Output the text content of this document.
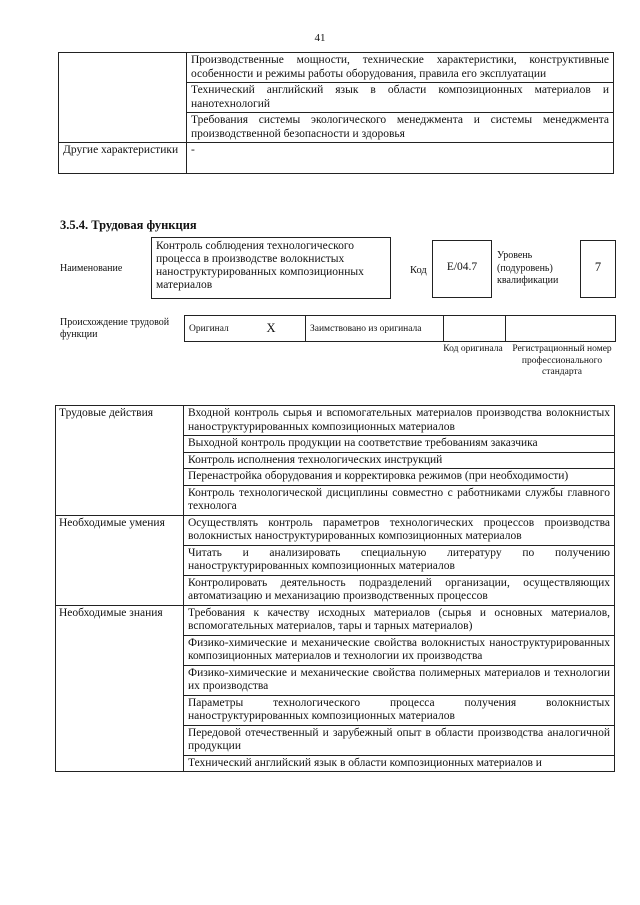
41
	Производственные мощности, технические характеристики, конструктивные особенности и режимы работы оборудования, правила его эксплуатации
	Технический английский язык в области композиционных материалов и нанотехнологий
	Требования системы экологического менеджмента и системы менеджмента производственной безопасности и здоровья
Другие характеристики	-
3.5.4. Трудовая функция
Наименование
Контроль соблюдения технологического процесса в производстве волокнистых наноструктурированных композиционных материалов
Код	E/04.7
Уровень (подуровень) квалификации
7
Происхождение трудовой функции
Оригинал	X	Заимствовано из оригинала		
Код оригинала	Регистрационный номер профессионального стандарта
Трудовые действия	Входной контроль сырья и вспомогательных материалов производства волокнистых наноструктурированных композиционных материалов
	Выходной контроль продукции на соответствие требованиям заказчика
	Контроль исполнения технологических инструкций
	Перенастройка оборудования и корректировка режимов (при необходимости)
	Контроль технологической дисциплины совместно с работниками службы главного технолога
Необходимые умения	Осуществлять контроль параметров технологических процессов производства волокнистых наноструктурированных композиционных материалов
	Читать и анализировать специальную литературу по получению наноструктурированных композиционных материалов
	Контролировать деятельность подразделений организации, осуществляющих автоматизацию и механизацию производственных процессов
Необходимые знания	Требования к качеству исходных материалов (сырья и основных материалов, вспомогательных материалов, тары и тарных материалов)
	Физико-химические и механические свойства волокнистых наноструктурированных композиционных материалов и технологии их производства
	Физико-химические и механические свойства полимерных материалов и технологии их производства
	Параметры технологического процесса получения волокнистых наноструктурированных композиционных материалов
	Передовой отечественный и зарубежный опыт в области производства аналогичной продукции
	Технический английский язык в области композиционных материалов и
